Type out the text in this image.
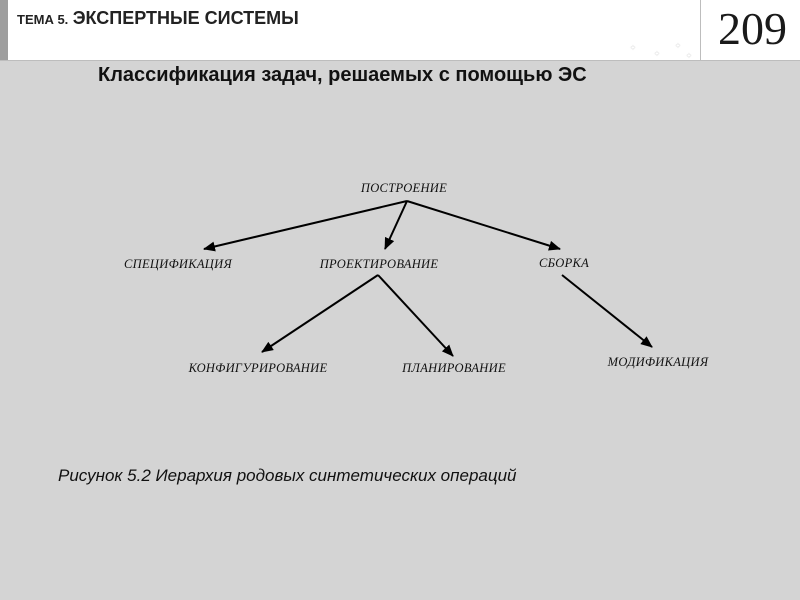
ТЕМА 5. ЭКСПЕРТНЫЕ СИСТЕМЫ
✦
✦
✦
✦
209
Классификация задач, решаемых с помощью ЭС
ПОСТРОЕНИЕ
СПЕЦИФИКАЦИЯ	ПРОЕКТИРОВАНИЕ	СБОРКА
КОНФИГУРИРОВАНИЕ	ПЛАНИРОВАНИЕ	МОДИФИКАЦИЯ
Рисунок 5.2 Иерархия родовых синтетических операций
